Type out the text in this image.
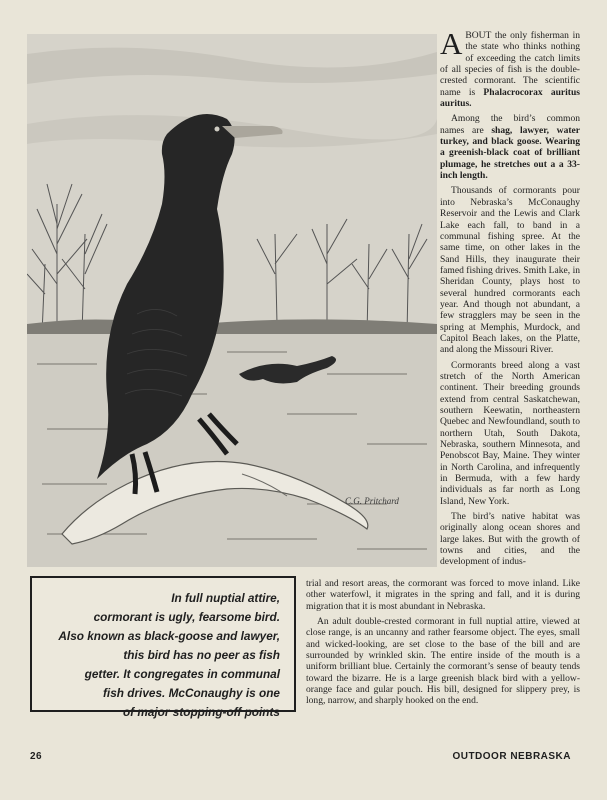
C.G. Pritchard

ABOUT the only fisherman in the state who thinks nothing of exceeding the catch limits of all species of fish is the double-crested cormorant. The scientific name is Phalacrocorax auritus auritus.

Among the bird’s common names are shag, lawyer, water turkey, and black goose. Wearing a greenish-black coat of brilliant plumage, he stretches out a a 33-inch length.

Thousands of cormorants pour into Nebraska’s McConaughy Reservoir and the Lewis and Clark Lake each fall, to band in a communal fishing spree. At the same time, on other lakes in the Sand Hills, they inaugurate their famed fishing drives. Smith Lake, in Sheridan County, plays host to several hundred cormorants each year. And though not abundant, a few stragglers may be seen in the spring at Memphis, Murdock, and Capitol Beach lakes, on the Platte, and along the Missouri River.

Cormorants breed along a vast stretch of the North American continent. Their breeding grounds extend from central Saskatchewan, southern Keewatin, northeastern Quebec and Newfoundland, south to northern Utah, South Dakota, Nebraska, southern Minnesota, and Penobscot Bay, Maine. They winter in North Carolina, and infrequently in Bermuda, with a few hardy individuals as far north as Long Island, New York.

The bird’s native habitat was originally along ocean shores and large lakes. But with the growth of towns and cities, and the development of indus-

In full nuptial attire,
cormorant is ugly, fearsome bird.
Also known as black-goose and lawyer,
this bird has no peer as fish
getter. It congregates in communal
fish drives. McConaughy is one
of major stopping-off points

trial and resort areas, the cormorant was forced to move inland. Like other waterfowl, it migrates in the spring and fall, and it is during migration that it is most abundant in Nebraska.

An adult double-crested cormorant in full nuptial attire, viewed at close range, is an uncanny and rather fearsome object. The eyes, small and wicked-looking, are set close to the base of the bill and are surrounded by wrinkled skin. The entire inside of the mouth is a uniform brilliant blue. Certainly the cormorant’s sense of beauty tends toward the bizarre. He is a large greenish black bird with a yellow-orange face and gular pouch. His bill, designed for slippery prey, is long, narrow, and sharply hooked on the end.

26	OUTDOOR NEBRASKA
